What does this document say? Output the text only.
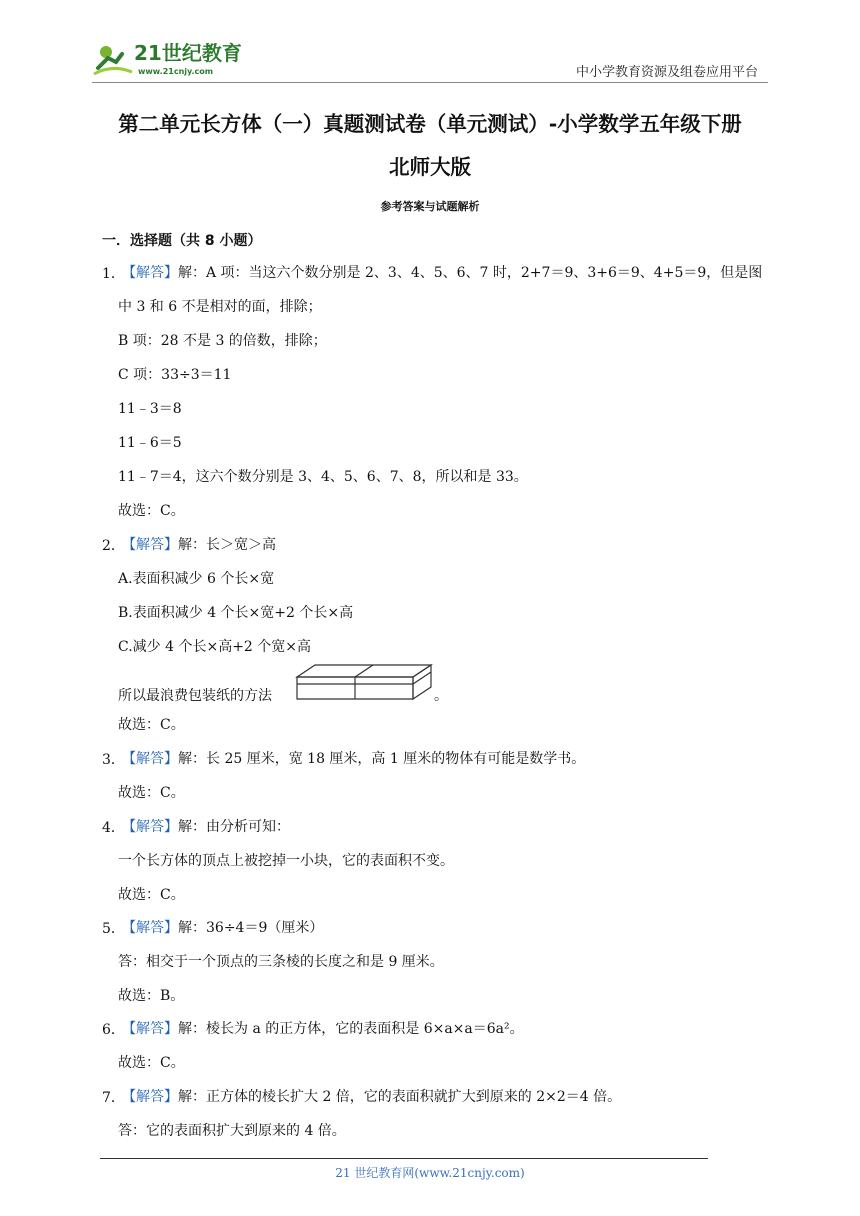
21世纪教育
www.21cnjy.com	中小学教育资源及组卷应用平台
第二单元长方体（一）真题测试卷（单元测试）-小学数学五年级下册
北师大版
参考答案与试题解析
一．选择题（共 8 小题）
1．
【解答】解：A 项：当这六个数分别是 2、3、4、5、6、7 时，2+7＝9、3+6＝9、4+5＝9，但是图
中 3 和 6 不是相对的面，排除；
B 项：28 不是 3 的倍数，排除；
C 项：33÷3＝11
11﹣3＝8
11﹣6＝5
11﹣7＝4，这六个数分别是 3、4、5、6、7、8，所以和是 33。
故选：C。
2．
【解答】解：长＞宽＞高
A.表面积减少 6 个长×宽
B.表面积减少 4 个长×宽+2 个长×高
C.减少 4 个长×高+2 个宽×高
所以最浪费包装纸的方法	。
故选：C。
3．
【解答】解：长 25 厘米，宽 18 厘米，高 1 厘米的物体有可能是数学书。
故选：C。
4．
【解答】解：由分析可知：
一个长方体的顶点上被挖掉一小块，它的表面积不变。
故选：C。
5．
【解答】解：36÷4＝9（厘米）
答：相交于一个顶点的三条棱的长度之和是 9 厘米。
故选：B。
6．
【解答】解：棱长为 a 的正方体，它的表面积是 6×a×a＝6a²。
故选：C。
7．
【解答】解：正方体的棱长扩大 2 倍，它的表面积就扩大到原来的 2×2＝4 倍。
答：它的表面积扩大到原来的 4 倍。
21 世纪教育网(www.21cnjy.com)
